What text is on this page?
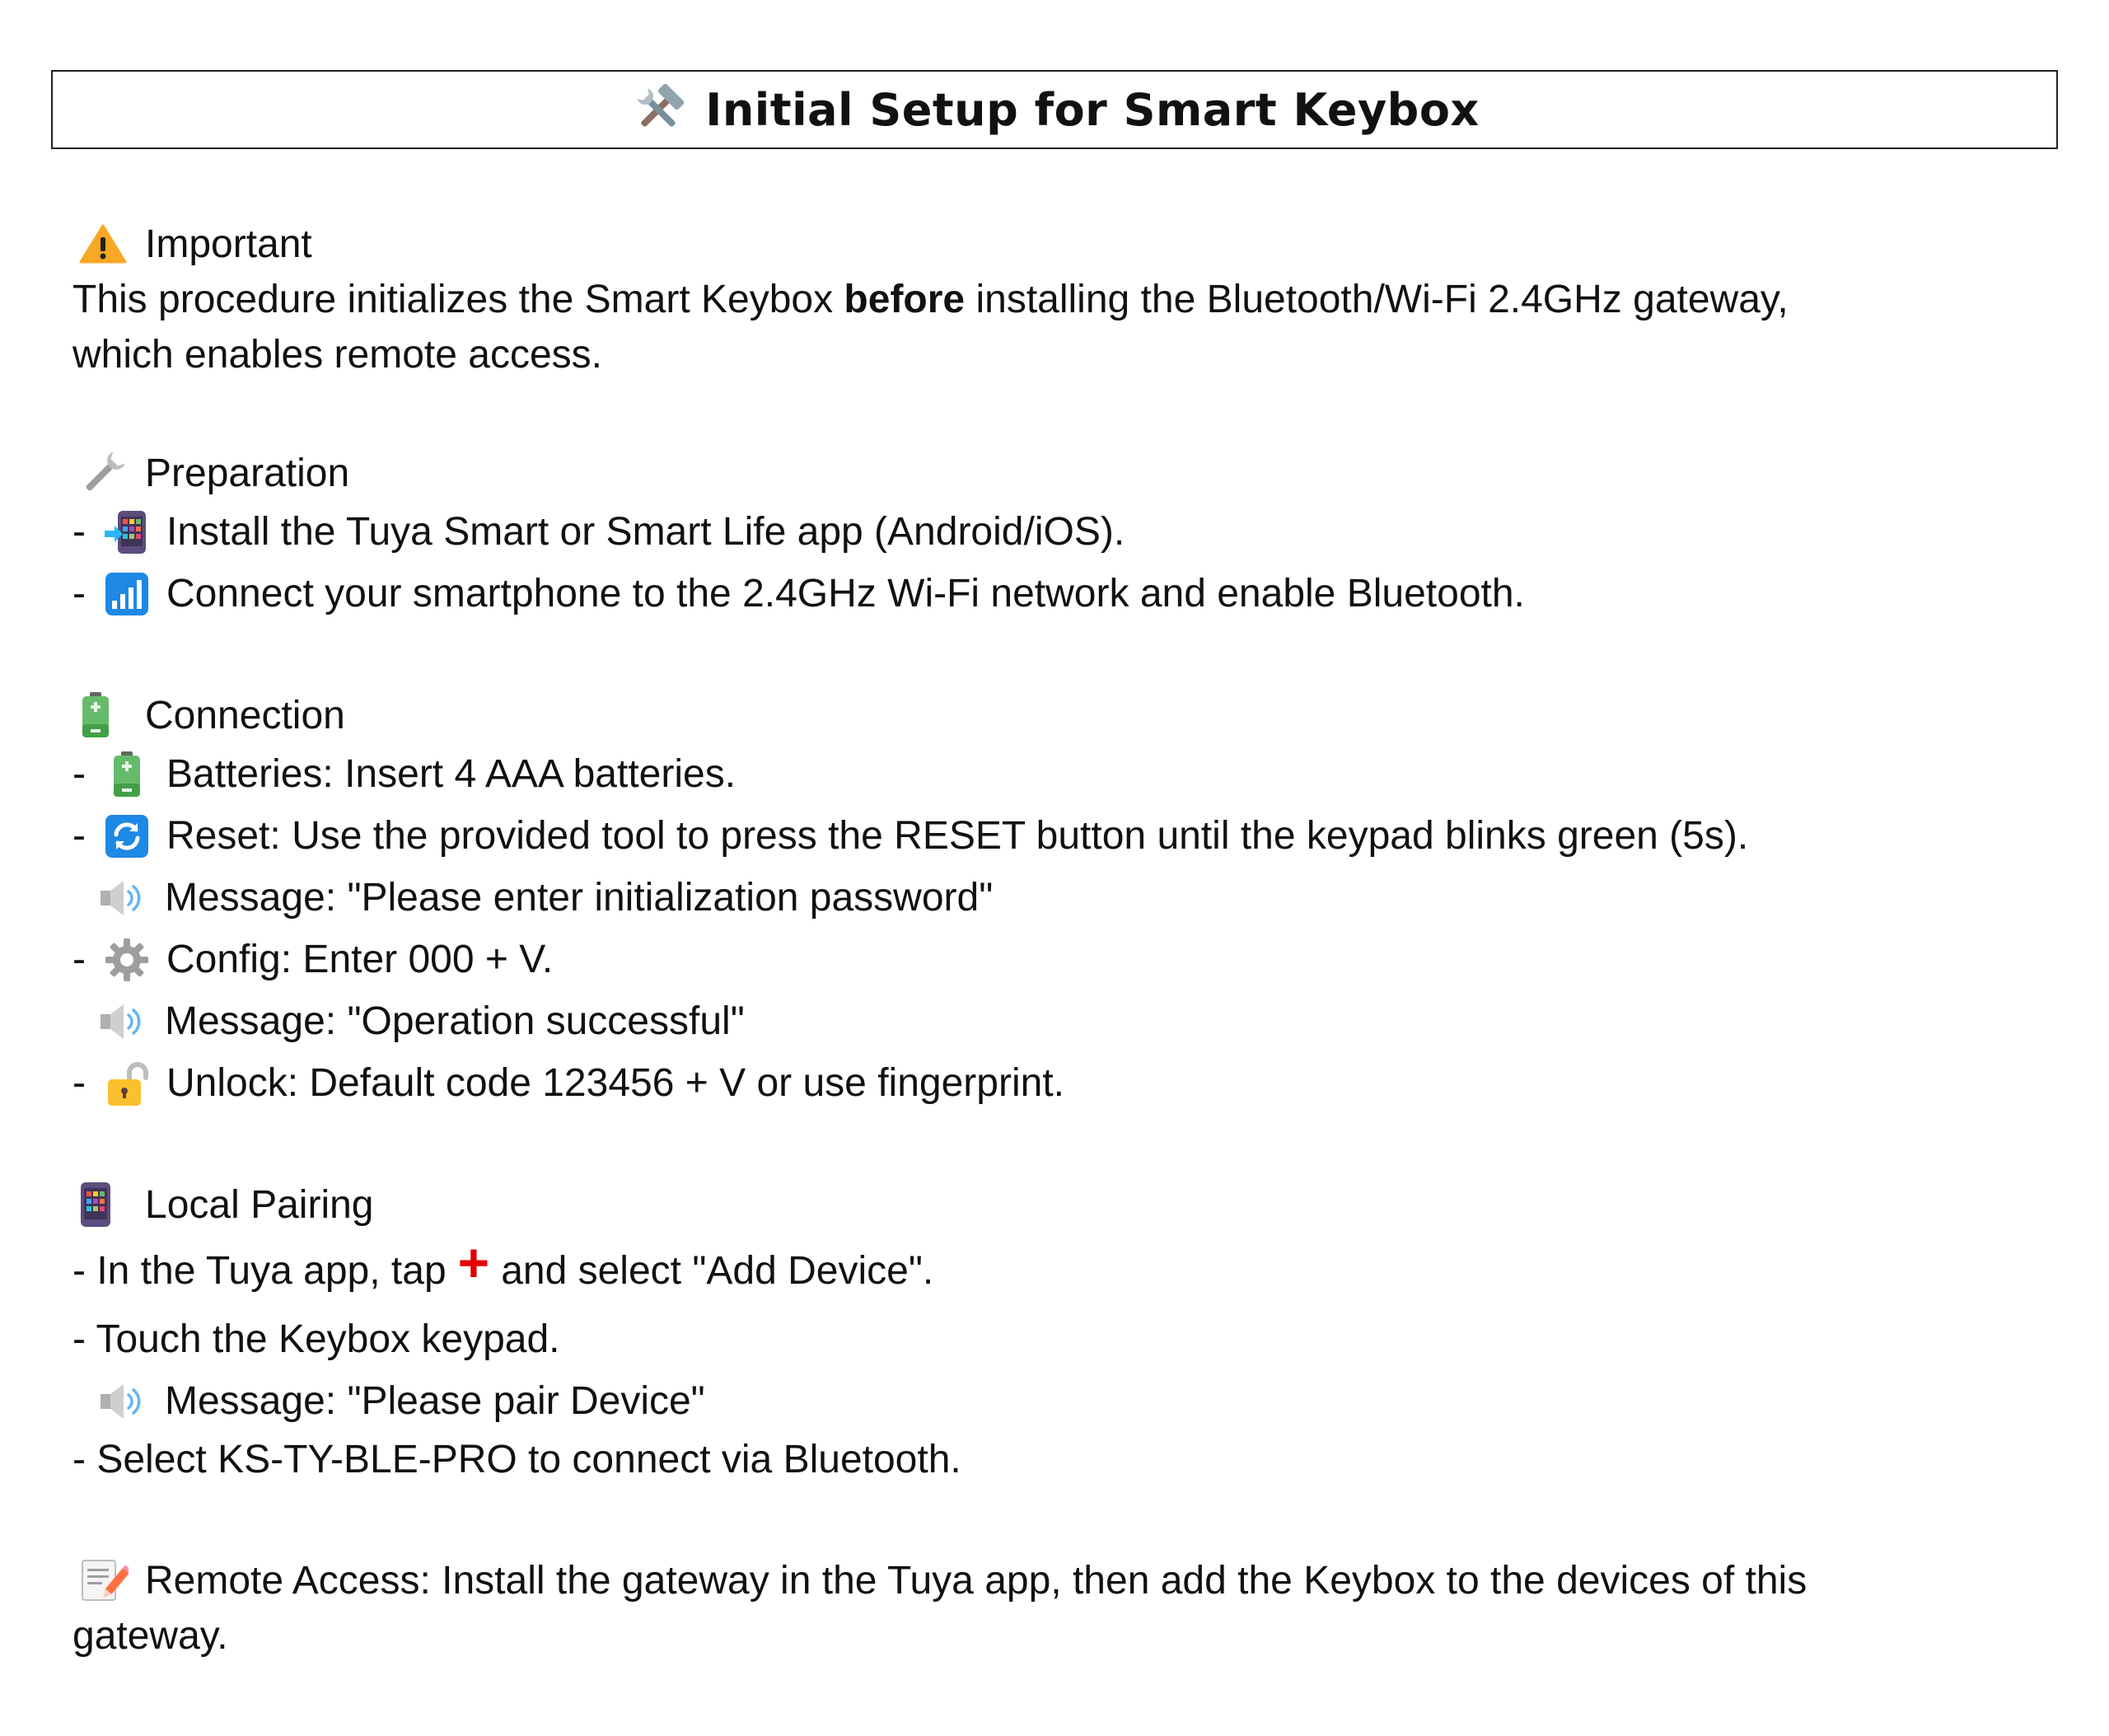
Initial Setup for Smart Keybox
Important

This procedure initializes the Smart Keybox before installing the Bluetooth/Wi-Fi 2.4GHz gateway,
which enables remote access.

Preparation
-	Install the Tuya Smart or Smart Life app (Android/iOS).
-	Connect your smartphone to the 2.4GHz Wi-Fi network and enable Bluetooth.
Connection
-	Batteries: Insert 4 AAA batteries.
-	Reset: Use the provided tool to press the RESET button until the keypad blinks green (5s).
Message: "Please enter initialization password"
-	Config: Enter 000 + V.
Message: "Operation successful"
-	Unlock: Default code 123456 + V or use fingerprint.
Local Pairing
- In the Tuya app, tap + and select "Add Device".
- Touch the Keybox keypad.
Message: "Please pair Device"
- Select KS-TY-BLE-PRO to connect via Bluetooth.
Remote Access: Install the gateway in the Tuya app, then add the Keybox to the devices of this

gateway.
